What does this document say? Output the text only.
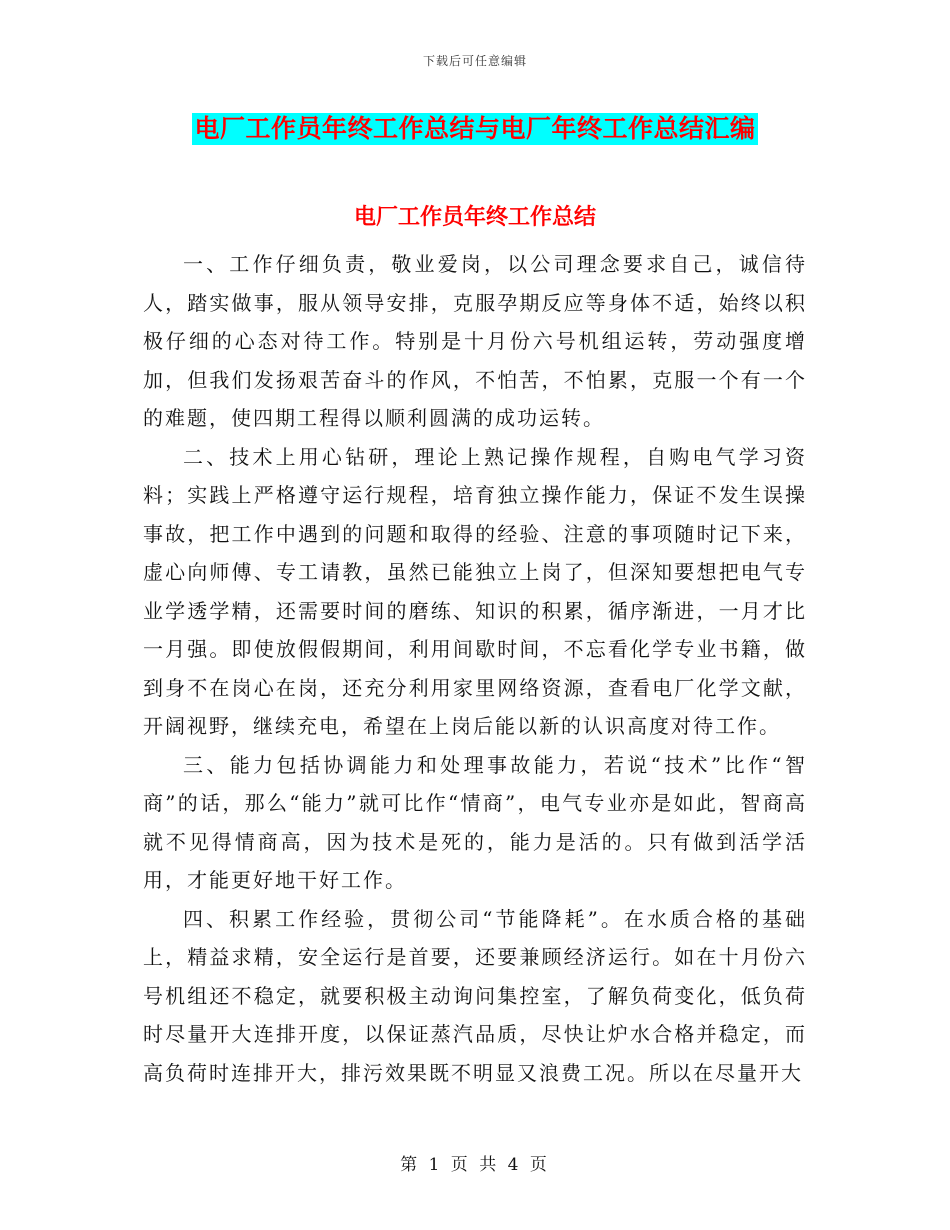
下载后可任意编辑
电厂工作员年终工作总结与电厂年终工作总结汇编
电厂工作员年终工作总结

一、工作仔细负责，敬业爱岗，以公司理念要求自己，诚信待人，踏实做事，服从领导安排，克服孕期反应等身体不适，始终以积极仔细的心态对待工作。特别是十月份六号机组运转，劳动强度增加，但我们发扬艰苦奋斗的作风，不怕苦，不怕累，克服一个有一个的难题，使四期工程得以顺利圆满的成功运转。

二、技术上用心钻研，理论上熟记操作规程，自购电气学习资料；实践上严格遵守运行规程，培育独立操作能力，保证不发生误操事故，把工作中遇到的问题和取得的经验、注意的事项随时记下来，虚心向师傅、专工请教，虽然已能独立上岗了，但深知要想把电气专业学透学精，还需要时间的磨练、知识的积累，循序渐进，一月才比一月强。即使放假假期间，利用间歇时间，不忘看化学专业书籍，做到身不在岗心在岗，还充分利用家里网络资源，查看电厂化学文献，开阔视野，继续充电，希望在上岗后能以新的认识高度对待工作。

三、能力包括协调能力和处理事故能力，若说“技术”比作“智商”的话，那么“能力”就可比作“情商”，电气专业亦是如此，智商高就不见得情商高，因为技术是死的，能力是活的。只有做到活学活用，才能更好地干好工作。

四、积累工作经验，贯彻公司“节能降耗”。在水质合格的基础上，精益求精，安全运行是首要，还要兼顾经济运行。如在十月份六号机组还不稳定，就要积极主动询问集控室，了解负荷变化，低负荷时尽量开大连排开度，以保证蒸汽品质，尽快让炉水合格并稳定，而高负荷时连排开大，排污效果既不明显又浪费工况。所以在尽量开大

第 1 页 共 4 页
